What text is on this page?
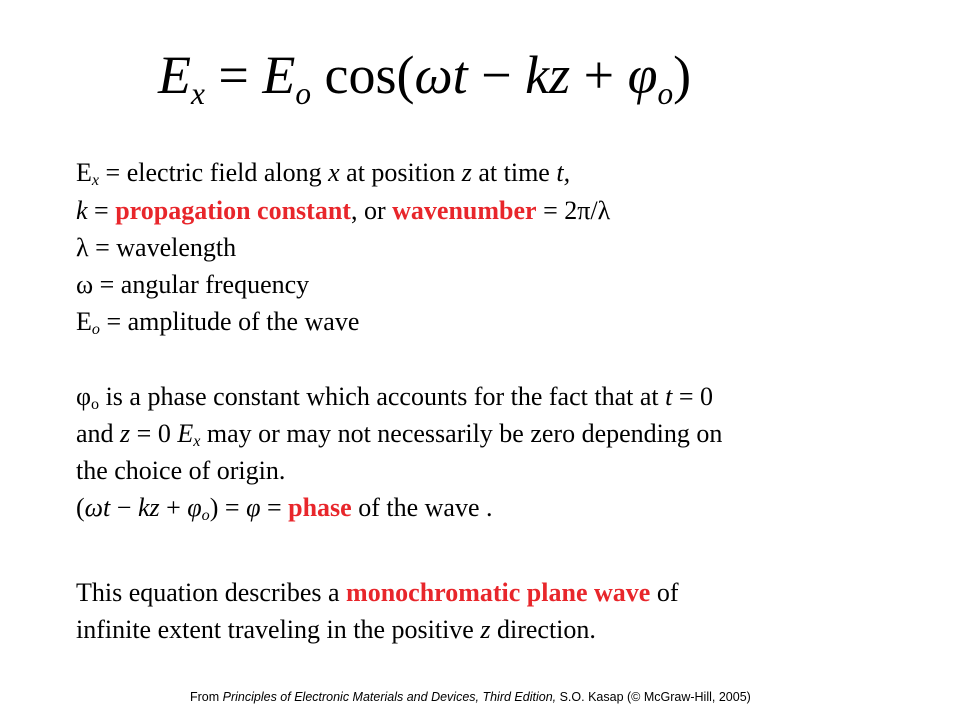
$E_x = E_o$ cos(ωt − kz + $\varphi_o$)
$E_x$ = electric field along x at position z at time t,
k = propagation constant, or wavenumber = 2π/λ
λ = wavelength
ω = angular frequency
$E_o$ = amplitude of the wave
$\varphi_o$ is a phase constant which accounts for the fact that at t = 0
and z = 0 $E_x$ may or may not necessarily be zero depending on
the choice of origin.
(ωt − kz + $\varphi_o) = \varphi$ = phase of the wave .
This equation describes a monochromatic plane wave of
infinite extent traveling in the positive z direction.
From Principles of Electronic Materials and Devices, Third Edition, S.O. Kasap (© McGraw-Hill, 2005)
